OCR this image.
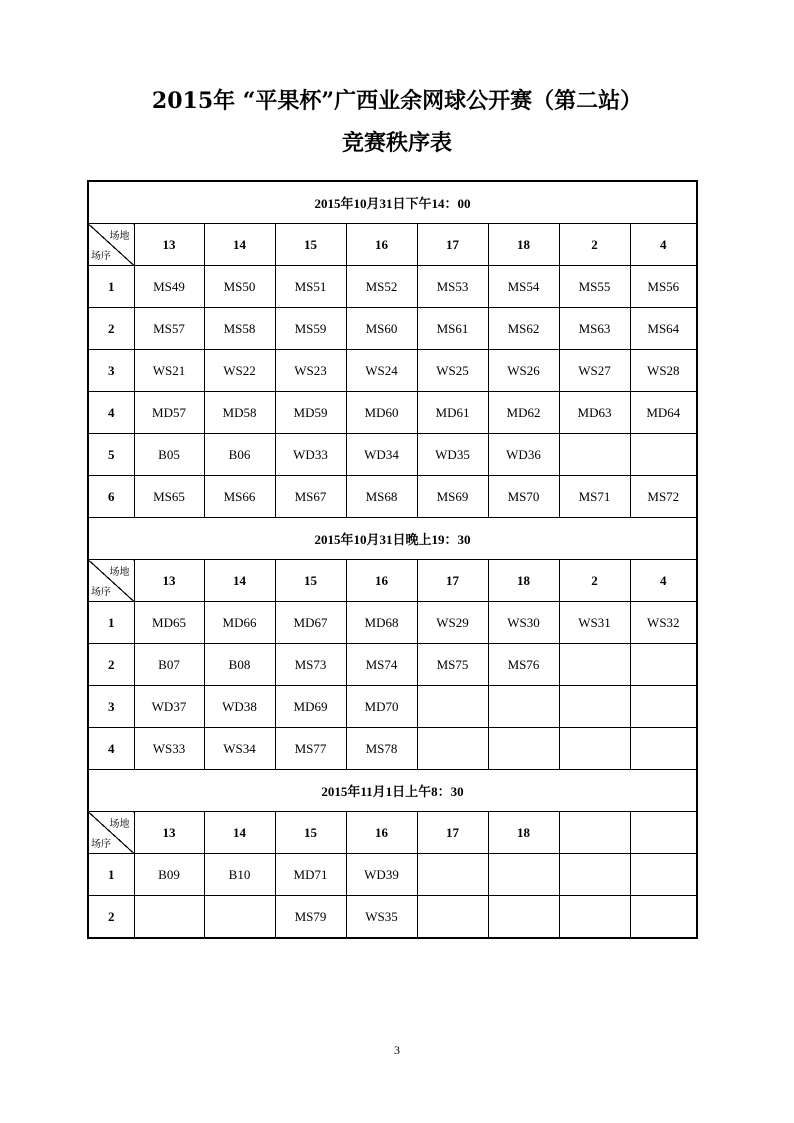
2015年 “平果杯”广西业余网球公开赛（第二站）
竞赛秩序表
2015年10月31日下午14：00								

场地
场序	13	14	15	16	17	18	2	4
1	MS49	MS50	MS51	MS52	MS53	MS54	MS55	MS56
2	MS57	MS58	MS59	MS60	MS61	MS62	MS63	MS64
3	WS21	WS22	WS23	WS24	WS25	WS26	WS27	WS28
4	MD57	MD58	MD59	MD60	MD61	MD62	MD63	MD64
5	B05	B06	WD33	WD34	WD35	WD36		
6	MS65	MS66	MS67	MS68	MS69	MS70	MS71	MS72
2015年10月31日晚上19：30								

场地
场序	13	14	15	16	17	18	2	4
1	MD65	MD66	MD67	MD68	WS29	WS30	WS31	WS32
2	B07	B08	MS73	MS74	MS75	MS76		
3	WD37	WD38	MD69	MD70				
4	WS33	WS34	MS77	MS78				
2015年11月1日上午8：30								

场地
场序	13	14	15	16	17	18		
1	B09	B10	MD71	WD39				
2			MS79	WS35				
3
